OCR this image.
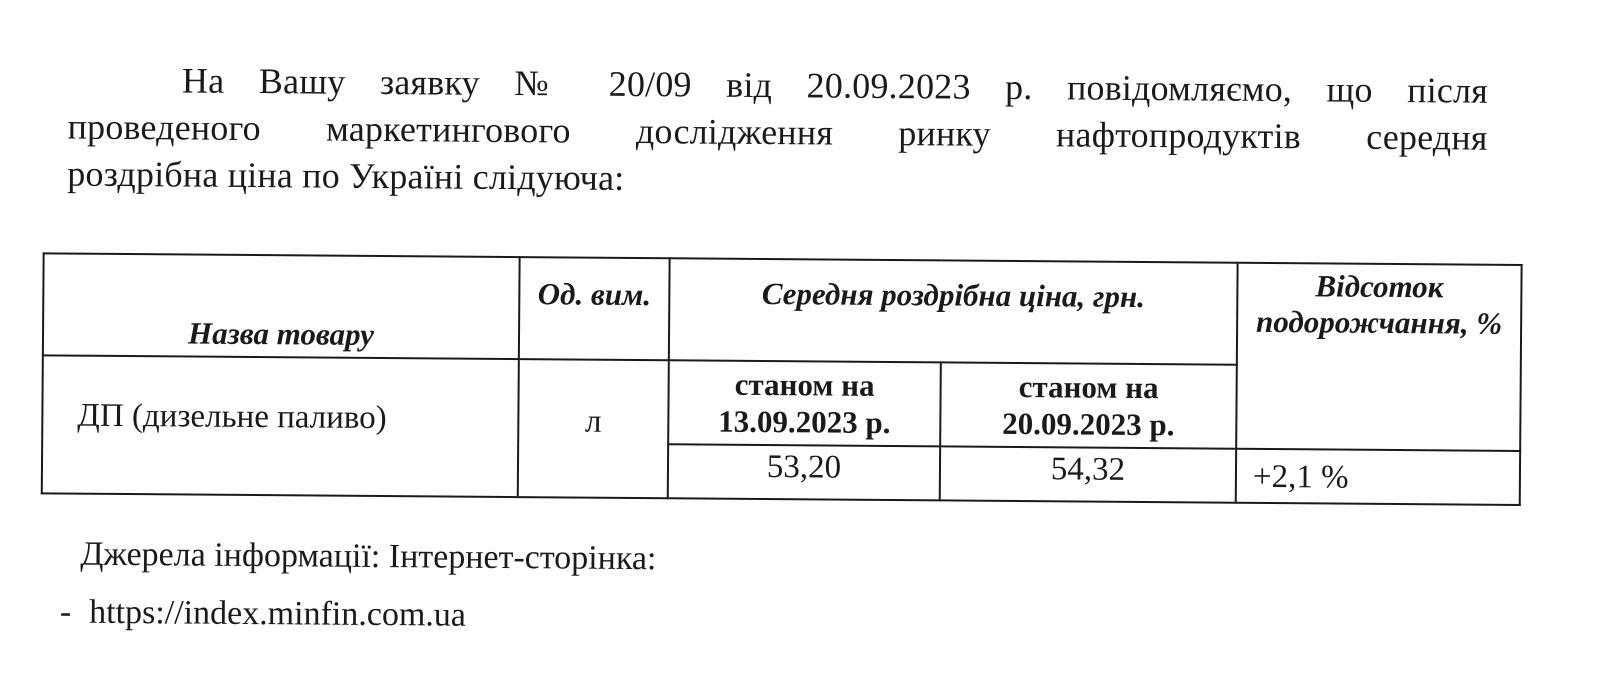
На Вашу заявку № 20/09 від 20.09.2023 р. повідомляємо, що після
проведеного маркетингового дослідження ринку нафтопродуктів середня
роздрібна ціна по Україні слідуюча:
Назва товару	Од. вим.	Середня роздрібна ціна, грн.		Відсоток подорожчання, %
ДП (дизельне паливо)	л	станом на 13.09.2023 р.	станом на 20.09.2023 р.	
		53,20	54,32	+2,1 %
Джерела інформації: Інтернет-сторінка:
- https://index.minfin.com.ua
